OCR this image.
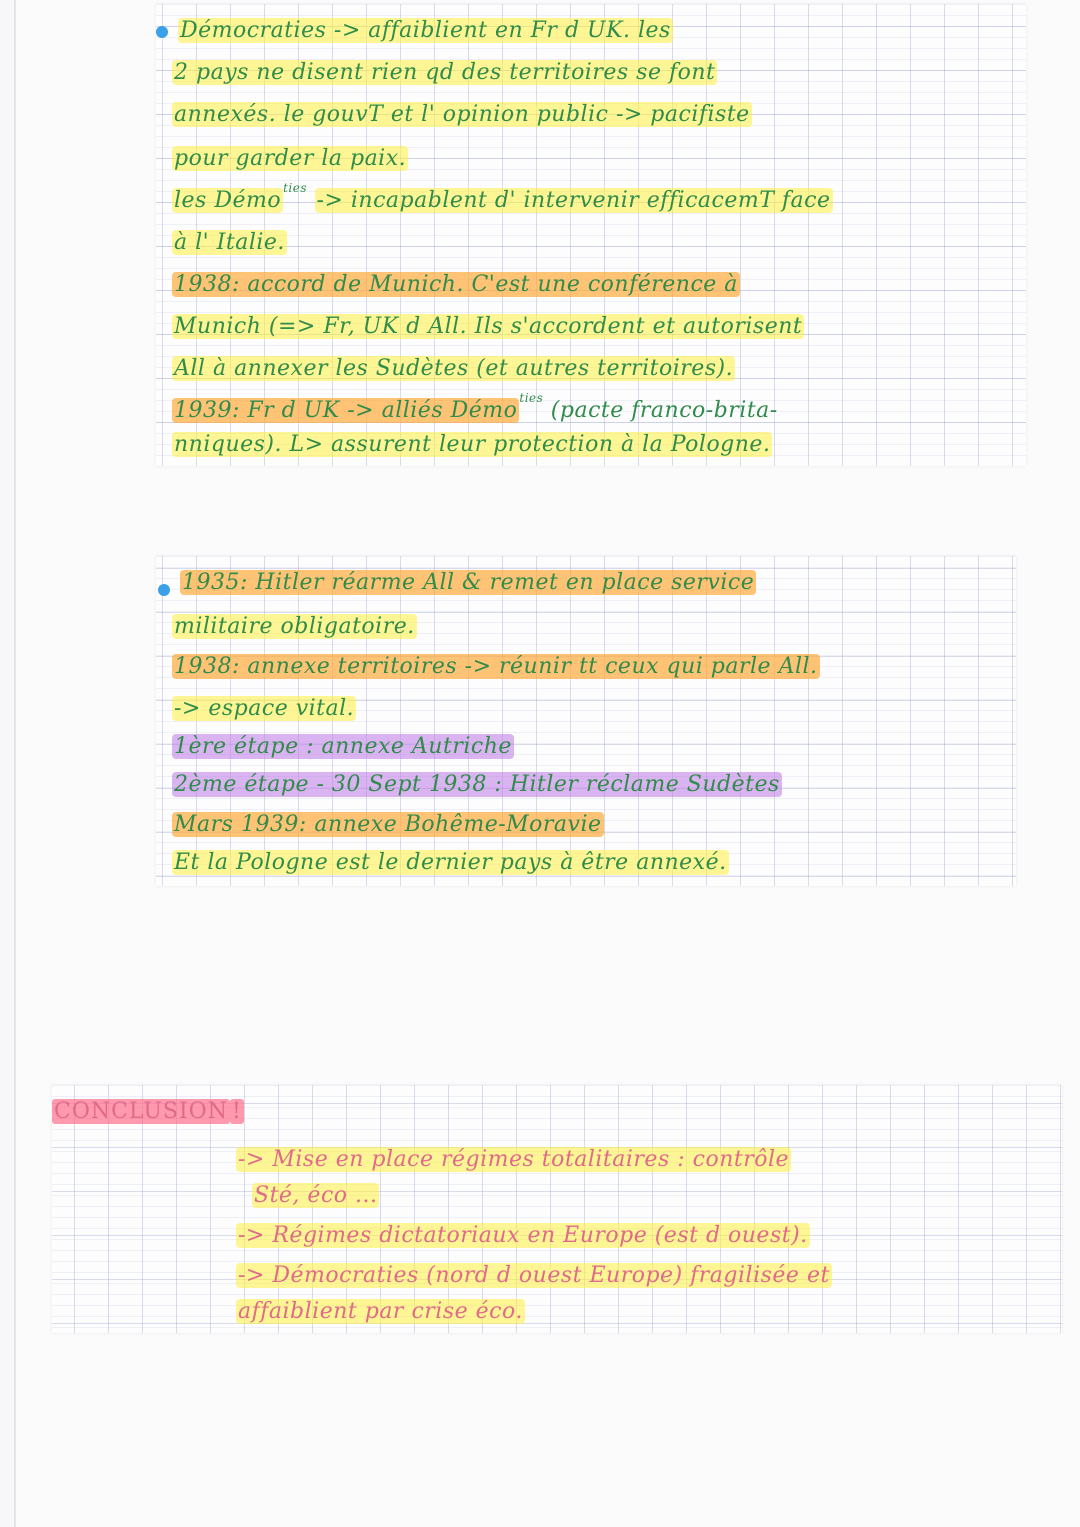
Démocraties -> affaiblient en Fr d UK. les
2 pays ne disent rien qd des territoires se font
annexés. le gouvT et l' opinion public -> pacifiste
pour garder la paix.
les Démo $^{ties}$ -> incapablent d' intervenir efficacemT face
à l' Italie.
1938: accord de Munich. C'est une conférence à
Munich (=> Fr, UK d All. Ils s'accordent et autorisent
All à annexer les Sudètes (et autres territoires).
1939: Fr d UK -> alliés Démo $^{ties}$ (pacte franco-brita-
nniques). L> assurent leur protection à la Pologne.
1935: Hitler réarme All & remet en place service
militaire obligatoire.
1938: annexe territoires -> réunir tt ceux qui parle All.
-> espace vital.
1ère étape : annexe Autriche
2ème étape - 30 Sept 1938 : Hitler réclame Sudètes
Mars 1939: annexe Bohême-Moravie
Et la Pologne est le dernier pays à être annexé.
CONCLUSION !
-> Mise en place régimes totalitaires : contrôle
Sté, éco ...
-> Régimes dictatoriaux en Europe (est d ouest).
-> Démocraties (nord d ouest Europe) fragilisée et
affaiblient par crise éco.
